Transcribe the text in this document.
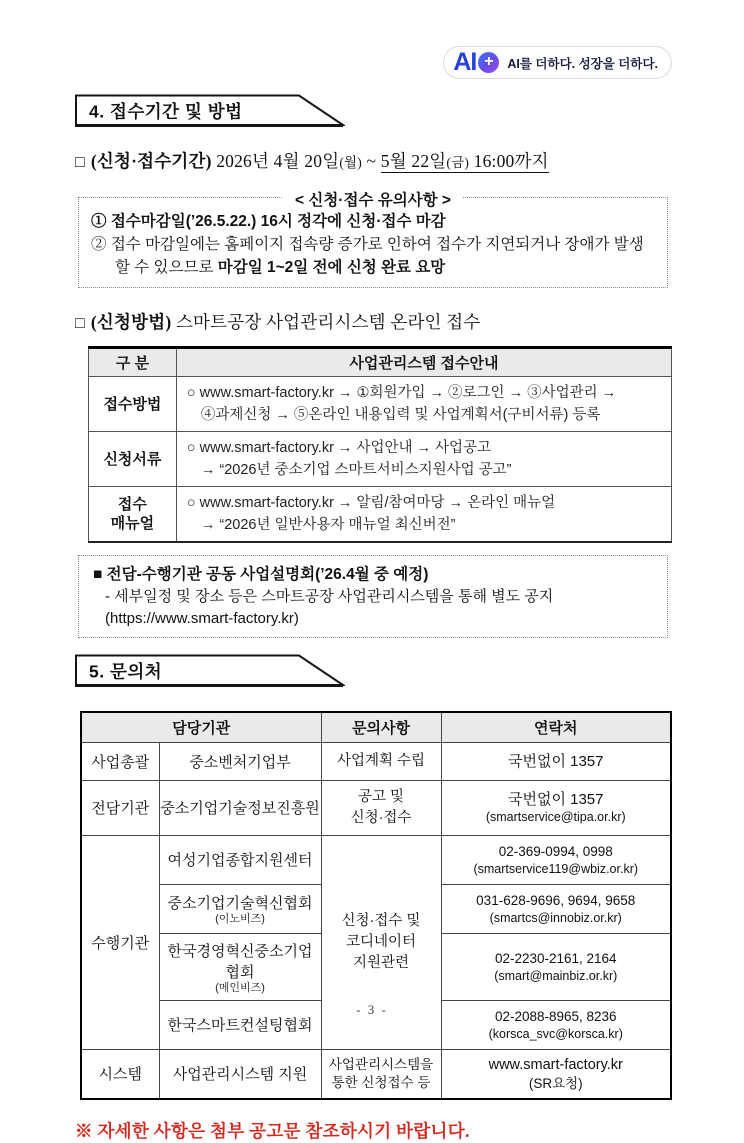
AI +	AI를 더하다. 성장을 더하다.
4. 접수기간 및 방법
□ (신청·접수기간) 2026년 4월 20일(월) ~ 5월 22일(금) 16:00까지
< 신청·접수 유의사항 >
① 접수마감일(’26.5.22.) 16시 정각에 신청·접수 마감
② 접수 마감일에는 홈페이지 접속량 증가로 인하여 접수가 지연되거나 장애가 발생 할 수 있으므로 마감일 1~2일 전에 신청 완료 요망
□ (신청방법) 스마트공장 사업관리시스템 온라인 접수
구 분	사업관리스템 접수안내
접수방법	○ www.smart-factory.kr → ①회원가입 → ②로그인 → ③사업관리 →
④과제신청 → ⑤온라인 내용입력 및 사업계획서(구비서류) 등록

신청서류	○ www.smart-factory.kr → 사업안내 → 사업공고
→ “2026년 중소기업 스마트서비스지원사업 공고”

접수
매뉴얼	○ www.smart-factory.kr → 알림/참여마당 → 온라인 매뉴얼
→ “2026년 일반사용자 매뉴얼 최신버전”
■ 전담-수행기관 공동 사업설명회(’26.4월 중 예정)
- 세부일정 및 장소 등은 스마트공장 사업관리시스템을 통해 별도 공지
(https://www.smart-factory.kr)
5. 문의처
담당기관		문의사항	연락처
사업총괄	중소벤처기업부	사업계획 수립	국번없이 1357

전담기관	중소기업기술정보진흥원	공고 및
신청·접수	국번없이 1357
(smartservice@tipa.or.kr)

수행기관	여성기업종합지원센터	신청·접수 및
코디네이터
지원관련	02-369-0994, 0998
(smartservice119@wbiz.or.kr)

	중소기업기술혁신협회
(이노비즈)		031-628-9696, 9694, 9658
(smartcs@innobiz.or.kr)

	한국경영혁신중소기업협회
(메인비즈)		02-2230-2161, 2164
(smart@mainbiz.or.kr)

	한국스마트컨설팅협회		02-2088-8965, 8236
(korsca_svc@korsca.kr)

시스템	사업관리시스템 지원	사업관리시스템을
통한 신청접수 등	www.smart-factory.kr
(SR요청)
※ 자세한 사항은 첨부 공고문 참조하시기 바랍니다.
- 3 -
